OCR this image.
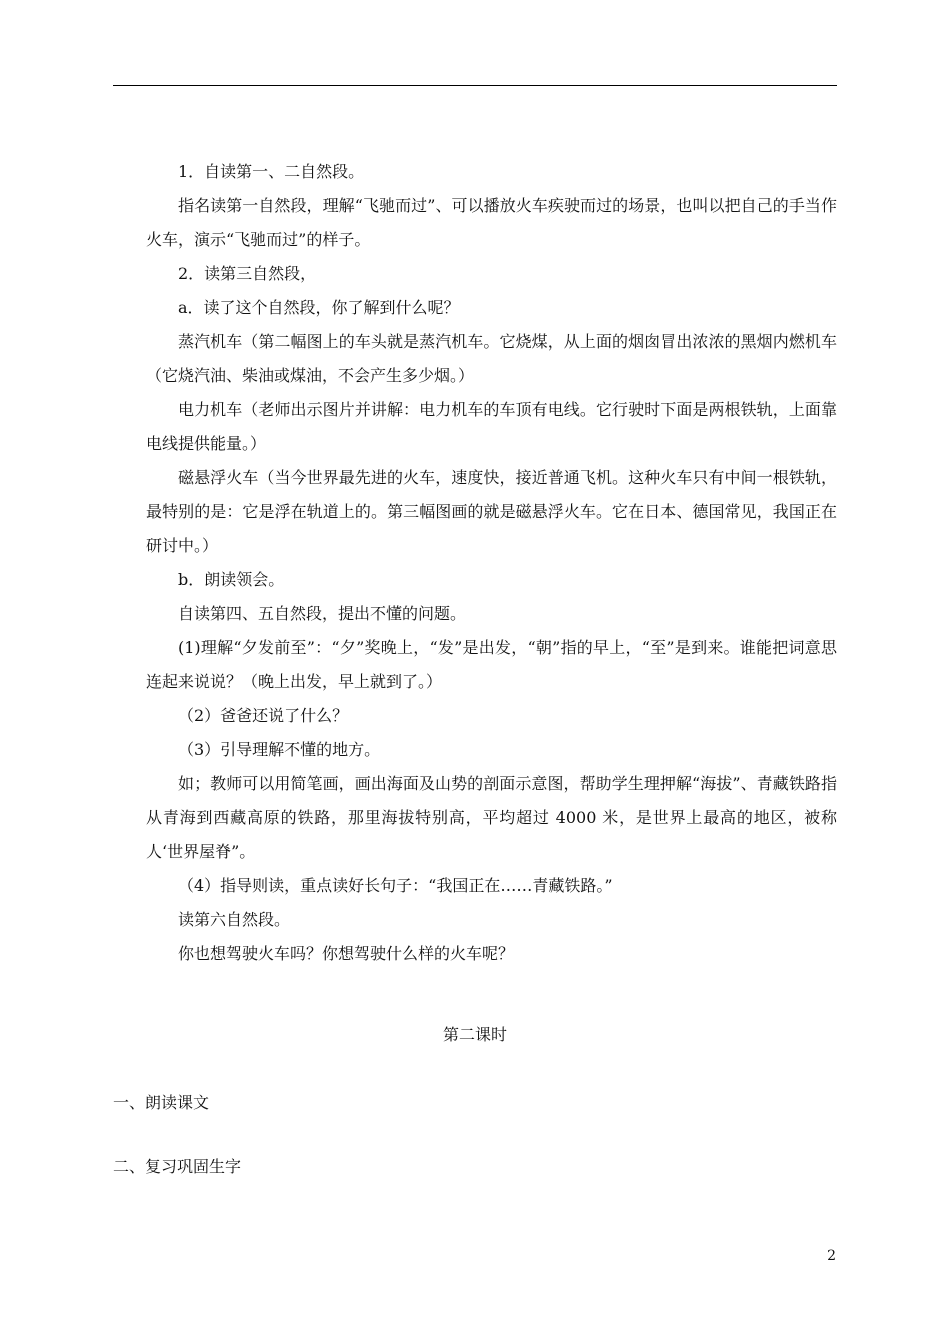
1．自读第一、二自然段。

指名读第一自然段，理解“飞驰而过”、可以播放火车疾驶而过的场景，也叫以把自己的手当作火车，演示“飞驰而过”的样子。

2．读第三自然段，

a．读了这个自然段，你了解到什么呢？

蒸汽机车（第二幅图上的车头就是蒸汽机车。它烧煤，从上面的烟囱冒出浓浓的黑烟内燃机车（它烧汽油、柴油或煤油，不会产生多少烟。）

电力机车（老师出示图片并讲解：电力机车的车顶有电线。它行驶时下面是两根铁轨，上面靠电线提供能量。）

磁悬浮火车（当今世界最先进的火车，速度快，接近普通飞机。这种火车只有中间一根铁轨，最特别的是：它是浮在轨道上的。第三幅图画的就是磁悬浮火车。它在日本、德国常见，我国正在研讨中。）

b．朗读领会。

自读第四、五自然段，提出不懂的问题。

(1)理解“夕发前至”：“夕”奖晚上，“发”是出发，“朝”指的早上，“至”是到来。谁能把词意思连起来说说？（晚上出发，早上就到了。）

（2）爸爸还说了什么？

（3）引导理解不懂的地方。

如；教师可以用简笔画，画出海面及山势的剖面示意图，帮助学生理押解“海拔”、青藏铁路指从青海到西藏高原的铁路，那里海拔特别高，平均超过 4000 米，是世界上最高的地区，被称人‘世界屋脊”。

（4）指导则读，重点读好长句子：“我国正在……青藏铁路。”

读第六自然段。

你也想驾驶火车吗？你想驾驶什么样的火车呢？

第二课时
一、朗读课文
二、复习巩固生字
2
